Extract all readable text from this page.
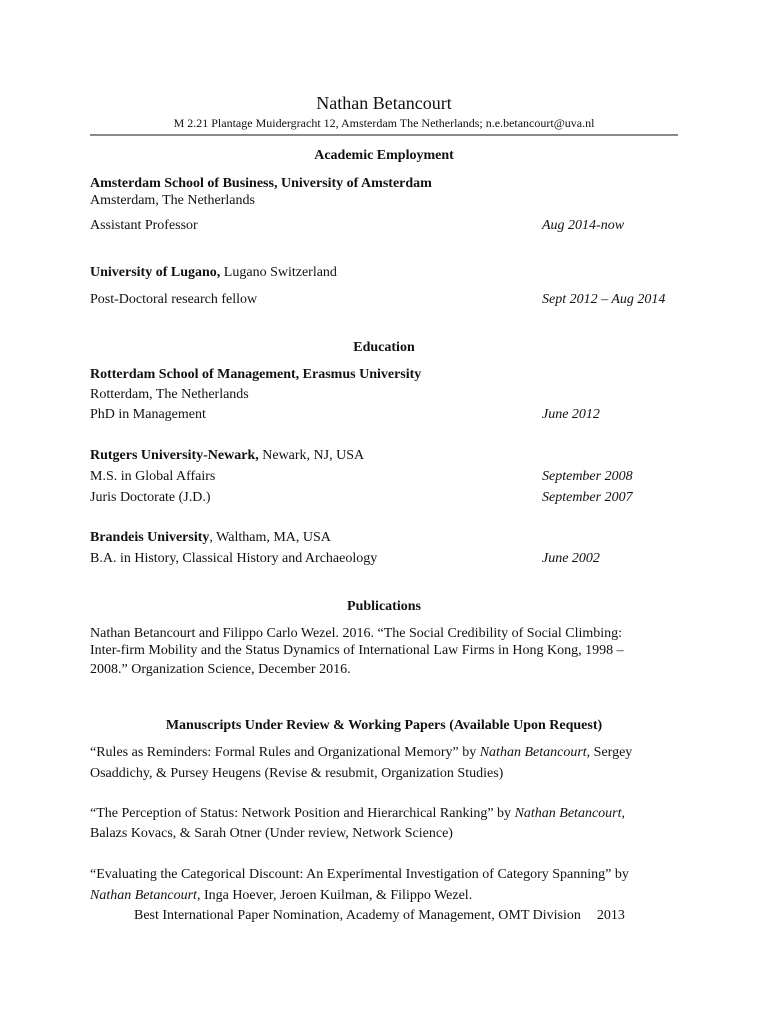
Nathan Betancourt
M 2.21 Plantage Muidergracht 12, Amsterdam The Netherlands; n.e.betancourt@uva.nl
Academic Employment
Amsterdam School of Business, University of Amsterdam
Amsterdam, The Netherlands
Assistant Professor	Aug 2014-now
University of Lugano, Lugano Switzerland
Post-Doctoral research fellow	Sept 2012 – Aug 2014
Education
Rotterdam School of Management, Erasmus University
Rotterdam, The Netherlands
PhD in Management	June 2012
Rutgers University-Newark, Newark, NJ, USA
M.S. in Global Affairs	September 2008
Juris Doctorate (J.D.)	September 2007
Brandeis University, Waltham, MA, USA
B.A. in History, Classical History and Archaeology	June 2002
Publications
Nathan Betancourt and Filippo Carlo Wezel. 2016. “The Social Credibility of Social Climbing:
Inter-firm Mobility and the Status Dynamics of International Law Firms in Hong Kong, 1998 –
2008.” Organization Science, December 2016.
Manuscripts Under Review & Working Papers (Available Upon Request)
“Rules as Reminders: Formal Rules and Organizational Memory” by Nathan Betancourt, Sergey
Osaddichy, & Pursey Heugens (Revise & resubmit, Organization Studies)
“The Perception of Status: Network Position and Hierarchical Ranking” by Nathan Betancourt,
Balazs Kovacs, & Sarah Otner (Under review, Network Science)
“Evaluating the Categorical Discount: An Experimental Investigation of Category Spanning” by
Nathan Betancourt, Inga Hoever, Jeroen Kuilman, & Filippo Wezel.
Best International Paper Nomination, Academy of Management, OMT Division 2013
